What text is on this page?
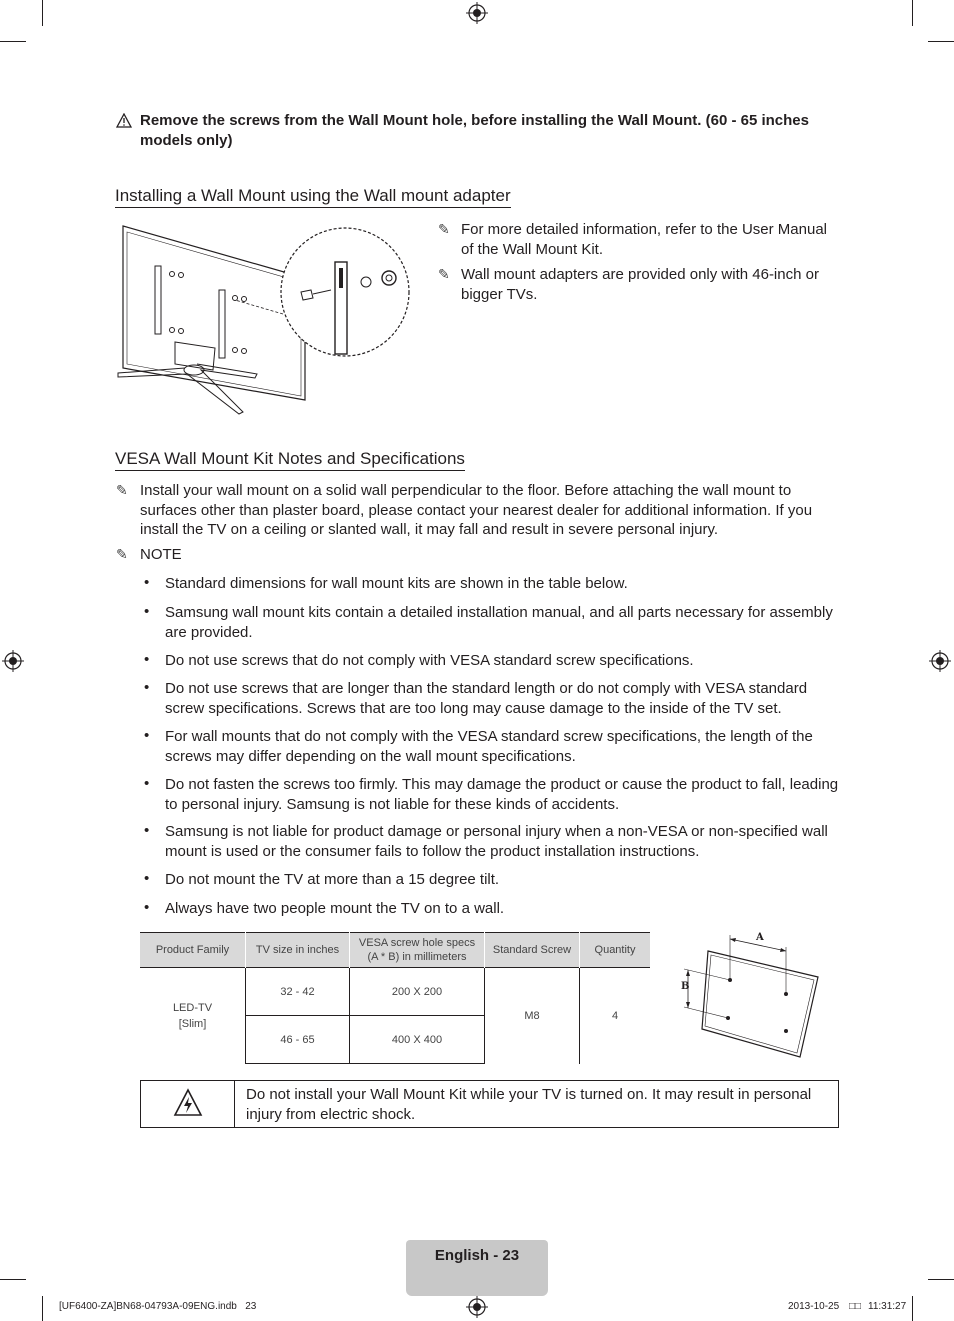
Remove the screws from the Wall Mount hole, before installing the Wall Mount. (60 - 65 inches models only)
Installing a Wall Mount using the Wall mount adapter
✎ For more detailed information, refer to the User Manual of the Wall Mount Kit.
✎ Wall mount adapters are provided only with 46-inch or bigger TVs.
VESA Wall Mount Kit Notes and Specifications
✎ Install your wall mount on a solid wall perpendicular to the floor. Before attaching the wall mount to surfaces other than plaster board, please contact your nearest dealer for additional information. If you install the TV on a ceiling or slanted wall, it may fall and result in severe personal injury.
✎ NOTE
• Standard dimensions for wall mount kits are shown in the table below.
• Samsung wall mount kits contain a detailed installation manual, and all parts necessary for assembly are provided.
• Do not use screws that do not comply with VESA standard screw specifications.
• Do not use screws that are longer than the standard length or do not comply with VESA standard screw specifications. Screws that are too long may cause damage to the inside of the TV set.
• For wall mounts that do not comply with the VESA standard screw specifications, the length of the screws may differ depending on the wall mount specifications.
• Do not fasten the screws too firmly. This may damage the product or cause the product to fall, leading to personal injury. Samsung is not liable for these kinds of accidents.
• Samsung is not liable for product damage or personal injury when a non-VESA or non-specified wall mount is used or the consumer fails to follow the product installation instructions.
• Do not mount the TV at more than a 15 degree tilt.
• Always have two people mount the TV on to a wall.
Product Family	TV size in inches	VESA screw hole specs (A * B) in millimeters	Standard Screw	Quantity

LED-TV
[Slim]	32 - 42	200 X 200	M8	4
	46 - 65	400 X 400		
A
B
Do not install your Wall Mount Kit while your TV is turned on. It may result in personal injury from electric shock.
English - 23
[UF6400-ZA]BN68-04793A-09ENG.indb   23	2013-10-25 □□ 11:31:27
